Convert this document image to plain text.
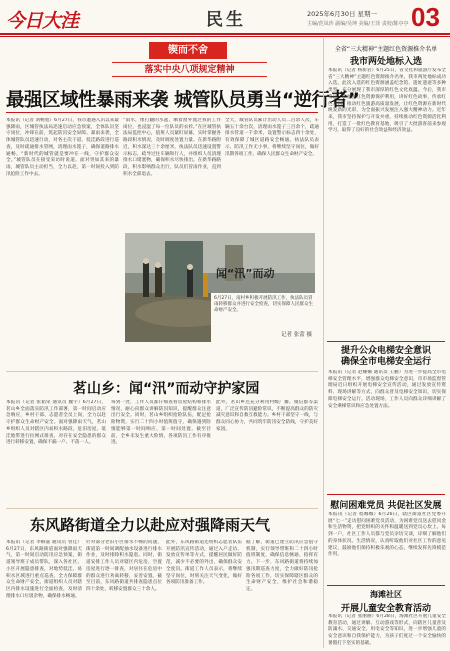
今日大洼	民生	2025年6月30日 星期一 03
主编/范凤珍 副编/吴坤 美编/王泽 责校/陈亭亭
锲而不舍
落实中央八项规定精神
最强区域性暴雨来袭 城管队员勇当“逆行者”
本报讯（记者 刘畅旭）6月27日，我市遭遇入汛以来最强降雨，区城管执法局迅速启动应急预案，全体队员坚守岗位，冲锋在前，筑起防汛安全屏障。暴雨来袭，全体城管队员迅速行动，对各主次干道、低洼路段进行巡查，及时疏通排水管网，清理雨水篦子，确保道路排水通畅。“新时代的城管就是要冲在一线，守护群众安全。”城管队员在接受采访时说道。面对突如其来的暴雨，城管队员主动担当，全力以赴，第一时间投入到防汛抢险工作中去。
“雨水，像打翻的水盆，顺着窗外流过我的工作岗位，也浸湿了每一位队员的衣衫。”在区城管执法局监控中心，值班人员紧盯屏幕，实时掌握各路段积水情况，及时调度处置力量。在新华路附近，积水深达三十余厘米，执法队员迅速设置警示标志，疏导过往车辆和行人，并组织人员清理排水口堵塞物，确保积水尽快排出。在新华路路段，积水影响群众出行，队员们冒雨作业，直到积水全部退去。
全天，城管队员累计出动人员二百余人次，车辆五十余台次，清理雨水篦子三百余个，疏通排水管道一千余米，设置警示标志四十余处，有效保障了城区道路安全畅通。执法队员表示，防汛工作无小事，将继续坚守岗位，做好汛期各项工作，确保人民群众生命财产安全。
闻“汛”而动
6月27日，南村乡积极开展防汛工作，执法队员冒雨转移群众并进行安全检查，切实保障人民群众生命财产安全。
记者 张蕾 摄
茗山乡：闻“汛”而动守护家园
本报讯（记者 张韬荣 通讯员 魏宇）6月27日，茗山乡全面落实防汛工作部署，第一时间启动应急响应，乡村干部、志愿者全员上岗，全力以赴守护群众生命财产安全。面对强降雨天气，茗山乡组织人员对辖区内易积水路段、危旧房屋、低洼地带进行拉网式排查，对存在安全隐患的群众进行转移安置，确保不漏一户、不落一人。
每到一处，工作人员都仔细查看房屋结构和排水情况，耐心向群众讲解防汛知识，提醒群众注意出行安全。同时，茗山乡组织抢险队伍，配足抢险物资，实行二十四小时值班值守，确保遇到险情能够第一时间响应、第一时间处置。截至目前，全乡未发生重大险情，各项防汛工作有序推进。
此外，茗山乡还充分利用村级广播、微信群等渠道，广泛宣传防汛避险常识，不断提高群众的防灾减灾意识和自救互救能力。乡村干部坚守一线，与群众同心协力，共同筑牢防汛安全防线，守护美好家园。
东风路街道全力以赴应对强降雨天气
本报讯（记者 李桐嘉 通讯员 曾佳）6月27日，东风路街道面对强降雨天气，第一时间启动防汛应急预案，街道领导班子成员带队，深入各社区、小区开展隐患排查，对地势低洼、易积水区域进行重点巡查，全力保障群众生命财产安全。街道组织人员对辖区内排水设施进行全面检查，及时清理排水口垃圾杂物，确保排水畅通。
针对部分老旧小区排水不畅的问题，街道第一时间调配抽水设备进行排水作业，及时排除积水隐患。同时，街道安排工作人员对辖区内危房、空置房屋进行逐一排查，对居住在危房中的群众进行劝离转移，妥善安置。截至目前，东风路街道共排查隐患点位四十余处，转移安置群众三十余人。
此外，东风路街道还组织志愿者队伍开展防汛宣传活动，通过入户走访、发放宣传单等方式，提醒居民做好防范，减少不必要的外出，确保群众安全度汛。街道工作人员表示，将继续坚守岗位，时刻关注天气变化，做好各项防汛准备工作。
据了解，街道已建立防汛应急值守机制，实行领导带班和二十四小时值班制度，确保信息畅通、指挥有力。下一步，东风路街道将持续加强汛期巡查力度，全力做好防汛抢险各项工作，切实保障辖区群众的生命财产安全，维护社会和谐稳定。
全省“三大精神”主题红色资源推介名单
我市两处地标入选
本报讯（记者 杨新岩）6月25日，省文化和旅游厅发布全省“三大精神”主题红色资源推介名单，我市两处地标成功入选。此次入选的红色资源涵盖纪念馆、遗址遗迹等多种类型，充分展现了我市深厚的红色文化底蕴。今后，我市将进一步加强红色资源保护利用，讲好红色故事，传承红色基因，推动红色旅游高质量发展，让红色资源在新时代焕发新的光彩，为全面振兴发展注入强大精神动力。近年来，我市坚持保护与开发并重，持续推动红色资源活化利用，打造了一批红色教育基地，吸引了大批游客前来参观学习，取得了良好的社会效益和经济效益。
提升公众电梯安全意识
确保全市电梯安全运行
本报讯（记者 赵姗姗 通讯员 王鹏）为进一步提高全市电梯安全管理水平，增强群众电梯安全意识，市市场监督管理局近日组织开展电梯安全宣传活动，通过发放宣传资料、现场讲解等方式，向群众普及电梯安全知识，切实保障电梯安全运行。活动现场，工作人员向群众详细讲解了安全乘梯常识和应急处置方法。
慰问困难党员 共促社区发展
本报讯（记者 程娜娜）6月26日，辖区街道社区党委开展“七一”走访慰问困难党员活动，为困难党员送去慰问金和生活物资，把党组织的关怀和温暖送到党员心坎上。每到一户，社区工作人员都与党员亲切交谈，详细了解他们的身体状况、生活情况，认真听取他们对社区工作的意见建议，鼓励他们保持积极乐观的心态，继续发挥先锋模范作用。
海滩社区
开展儿童安全教育活动
本报讯（记者 张丽丽）6月28日，海滩社区开展儿童安全教育活动，通过讲解、互动游戏等形式，向辖区儿童普及防溺水、交通安全、用电安全等知识，进一步增强儿童的安全意识和自我保护能力，为孩子们度过一个安全愉快的暑假打下坚实的基础。
